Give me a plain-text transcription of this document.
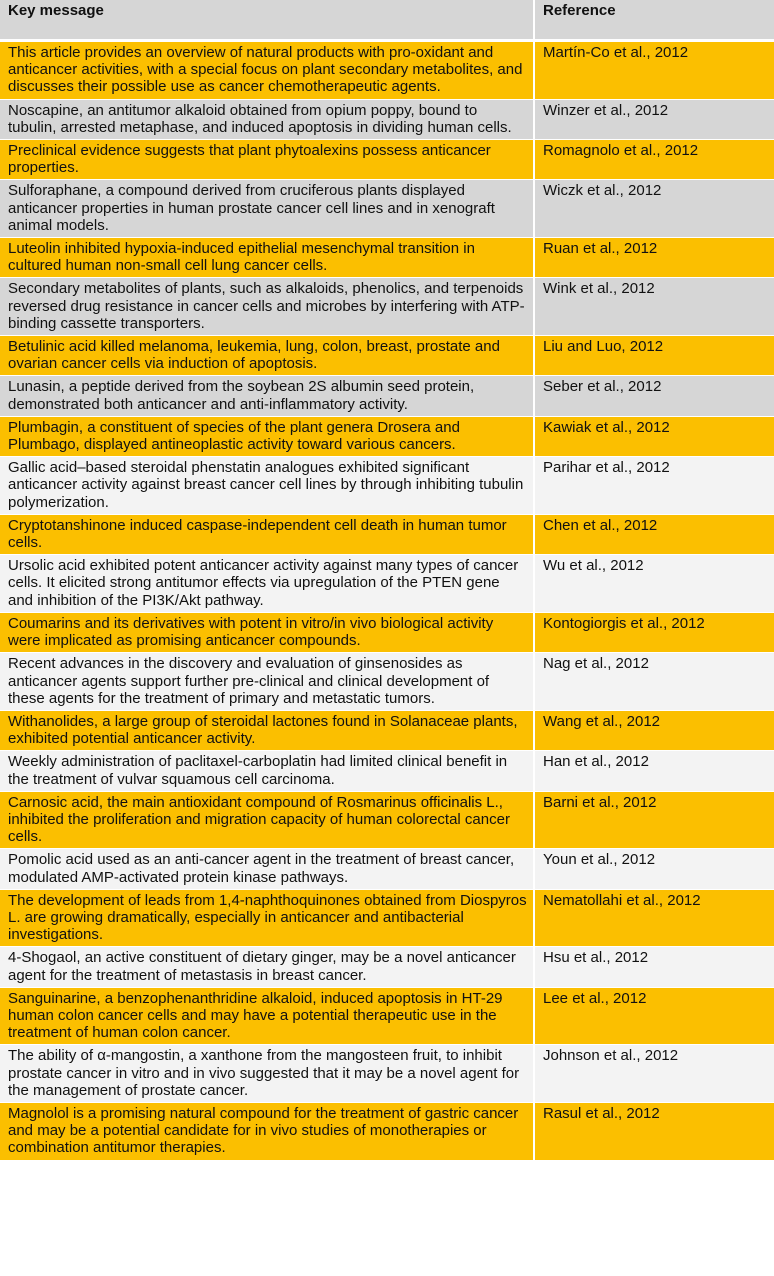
Key message	Reference
This article provides an overview of natural products with pro-oxidant and anticancer activities, with a special focus on plant secondary metabolites, and discusses their possible use as cancer chemotherapeutic agents.	Martín-Co et al., 2012
Noscapine, an antitumor alkaloid obtained from opium poppy, bound to tubulin, arrested metaphase, and induced apoptosis in dividing human cells.	Winzer et al., 2012
Preclinical evidence suggests that plant phytoalexins possess anticancer properties.	Romagnolo et al., 2012
Sulforaphane, a compound derived from cruciferous plants displayed anticancer properties in human prostate cancer cell lines and in xenograft animal models.	Wiczk et al., 2012
Luteolin inhibited hypoxia-induced epithelial mesenchymal transition in cultured human non-small cell lung cancer cells.	Ruan et al., 2012
Secondary metabolites of plants, such as alkaloids, phenolics, and terpenoids reversed drug resistance in cancer cells and microbes by interfering with ATP-binding cassette transporters.	Wink et al., 2012
Betulinic acid killed melanoma, leukemia, lung, colon, breast, prostate and ovarian cancer cells via induction of apoptosis.	Liu and Luo, 2012
Lunasin, a peptide derived from the soybean 2S albumin seed protein, demonstrated both anticancer and anti-inflammatory activity.	Seber et al., 2012
Plumbagin, a constituent of species of the plant genera Drosera and Plumbago, displayed antineoplastic activity toward various cancers.	Kawiak et al., 2012
Gallic acid–based steroidal phenstatin analogues exhibited significant anticancer activity against breast cancer cell lines by through inhibiting tubulin polymerization.	Parihar et al., 2012
Cryptotanshinone induced caspase-independent cell death in human tumor cells.	Chen et al., 2012
Ursolic acid exhibited potent anticancer activity against many types of cancer cells. It elicited strong antitumor effects via upregulation of the PTEN gene and inhibition of the PI3K/Akt pathway.	Wu et al., 2012
Coumarins and its derivatives with potent in vitro/in vivo biological activity were implicated as promising anticancer compounds.	Kontogiorgis et al., 2012
Recent advances in the discovery and evaluation of ginsenosides as anticancer agents support further pre-clinical and clinical development of these agents for the treatment of primary and metastatic tumors.	Nag et al., 2012
Withanolides, a large group of steroidal lactones found in Solanaceae plants, exhibited potential anticancer activity.	Wang et al., 2012
Weekly administration of paclitaxel-carboplatin had limited clinical benefit in the treatment of vulvar squamous cell carcinoma.	Han et al., 2012
Carnosic acid, the main antioxidant compound of Rosmarinus officinalis L., inhibited the proliferation and migration capacity of human colorectal cancer cells.	Barni et al., 2012
Pomolic acid used as an anti-cancer agent in the treatment of breast cancer, modulated AMP-activated protein kinase pathways.	Youn et al., 2012
The development of leads from 1,4-naphthoquinones obtained from Diospyros L. are growing dramatically, especially in anticancer and antibacterial investigations.	Nematollahi et al., 2012
4-Shogaol, an active constituent of dietary ginger, may be a novel anticancer agent for the treatment of metastasis in breast cancer.	Hsu et al., 2012
Sanguinarine, a benzophenanthridine alkaloid, induced apoptosis in HT-29 human colon cancer cells and may have a potential therapeutic use in the treatment of human colon cancer.	Lee et al., 2012
The ability of α-mangostin, a xanthone from the mangosteen fruit, to inhibit prostate cancer in vitro and in vivo suggested that it may be a novel agent for the management of prostate cancer.	Johnson et al., 2012
Magnolol is a promising natural compound for the treatment of gastric cancer and may be a potential candidate for in vivo studies of monotherapies or combination antitumor therapies.	Rasul et al., 2012
